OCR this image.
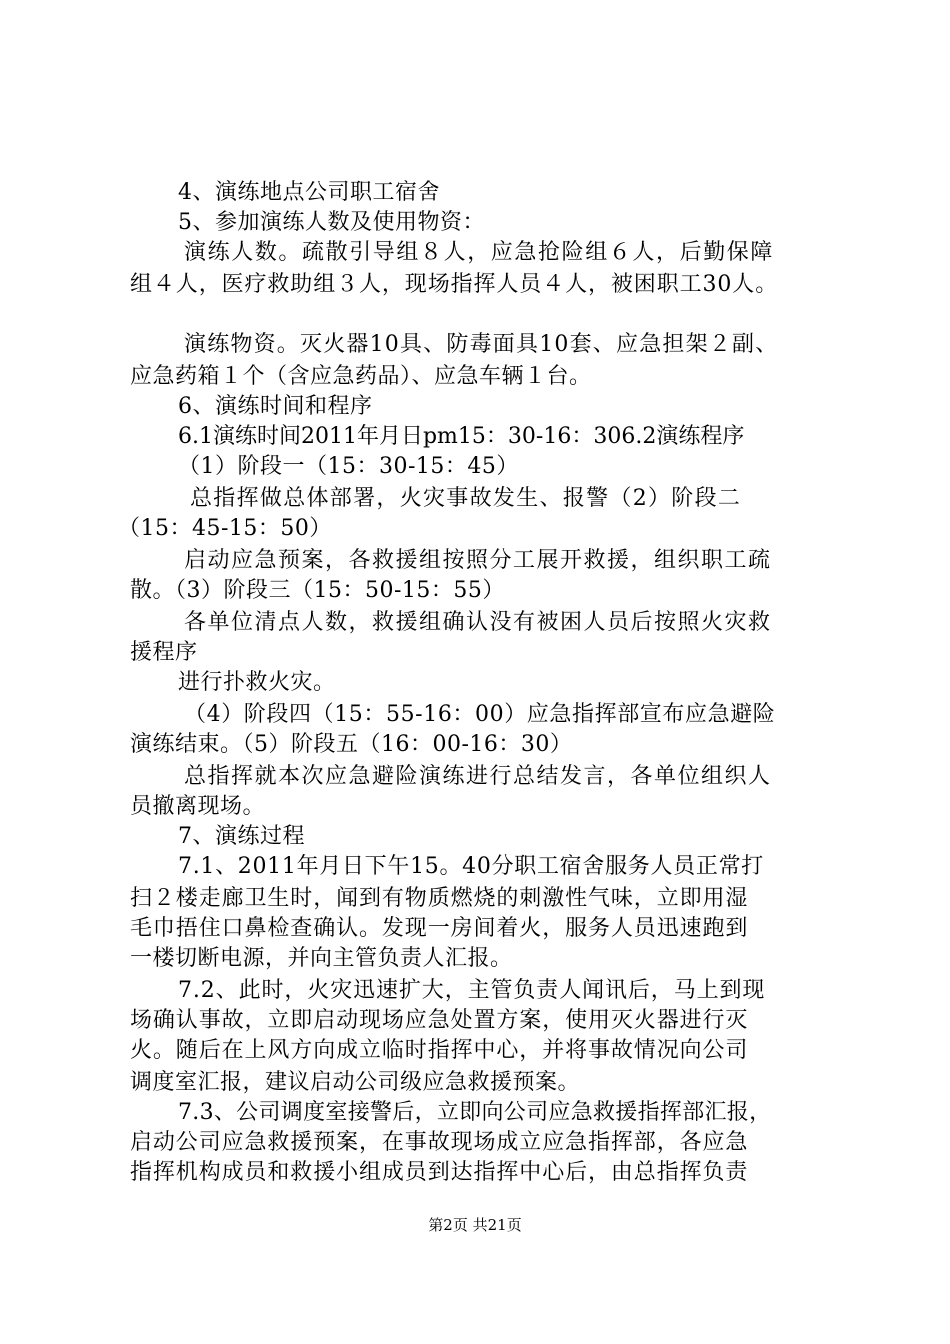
4、演练地点公司职工宿舍
5、参加演练人数及使用物资：
演练人数。疏散引导组８人，应急抢险组６人，后勤保障
组４人，医疗救助组３人，现场指挥人员４人，被困职工30人。
演练物资。灭火器10具、防毒面具10套、应急担架２副、
应急药箱１个（含应急药品）、应急车辆１台。
6、演练时间和程序
6.1演练时间2011年月日pm15：30-16：306.2演练程序
（1）阶段一（15：30-15：45）
总指挥做总体部署，火灾事故发生、报警（2）阶段二
（15：45-15：50）
启动应急预案，各救援组按照分工展开救援，组织职工疏
散。（3）阶段三（15：50-15：55）
各单位清点人数，救援组确认没有被困人员后按照火灾救
援程序
进行扑救火灾。
（4）阶段四（15：55-16：00）应急指挥部宣布应急避险
演练结束。（5）阶段五（16：00-16：30）
总指挥就本次应急避险演练进行总结发言，各单位组织人
员撤离现场。
7、演练过程
7.1、2011年月日下午15。40分职工宿舍服务人员正常打
扫２楼走廊卫生时，闻到有物质燃烧的刺激性气味，立即用湿
毛巾捂住口鼻检查确认。发现一房间着火，服务人员迅速跑到
一楼切断电源，并向主管负责人汇报。
7.2、此时，火灾迅速扩大，主管负责人闻讯后，马上到现
场确认事故，立即启动现场应急处置方案，使用灭火器进行灭
火。随后在上风方向成立临时指挥中心，并将事故情况向公司
调度室汇报，建议启动公司级应急救援预案。
7.3、公司调度室接警后，立即向公司应急救援指挥部汇报，
启动公司应急救援预案，在事故现场成立应急指挥部，各应急
指挥机构成员和救援小组成员到达指挥中心后，由总指挥负责
第2页 共21页
